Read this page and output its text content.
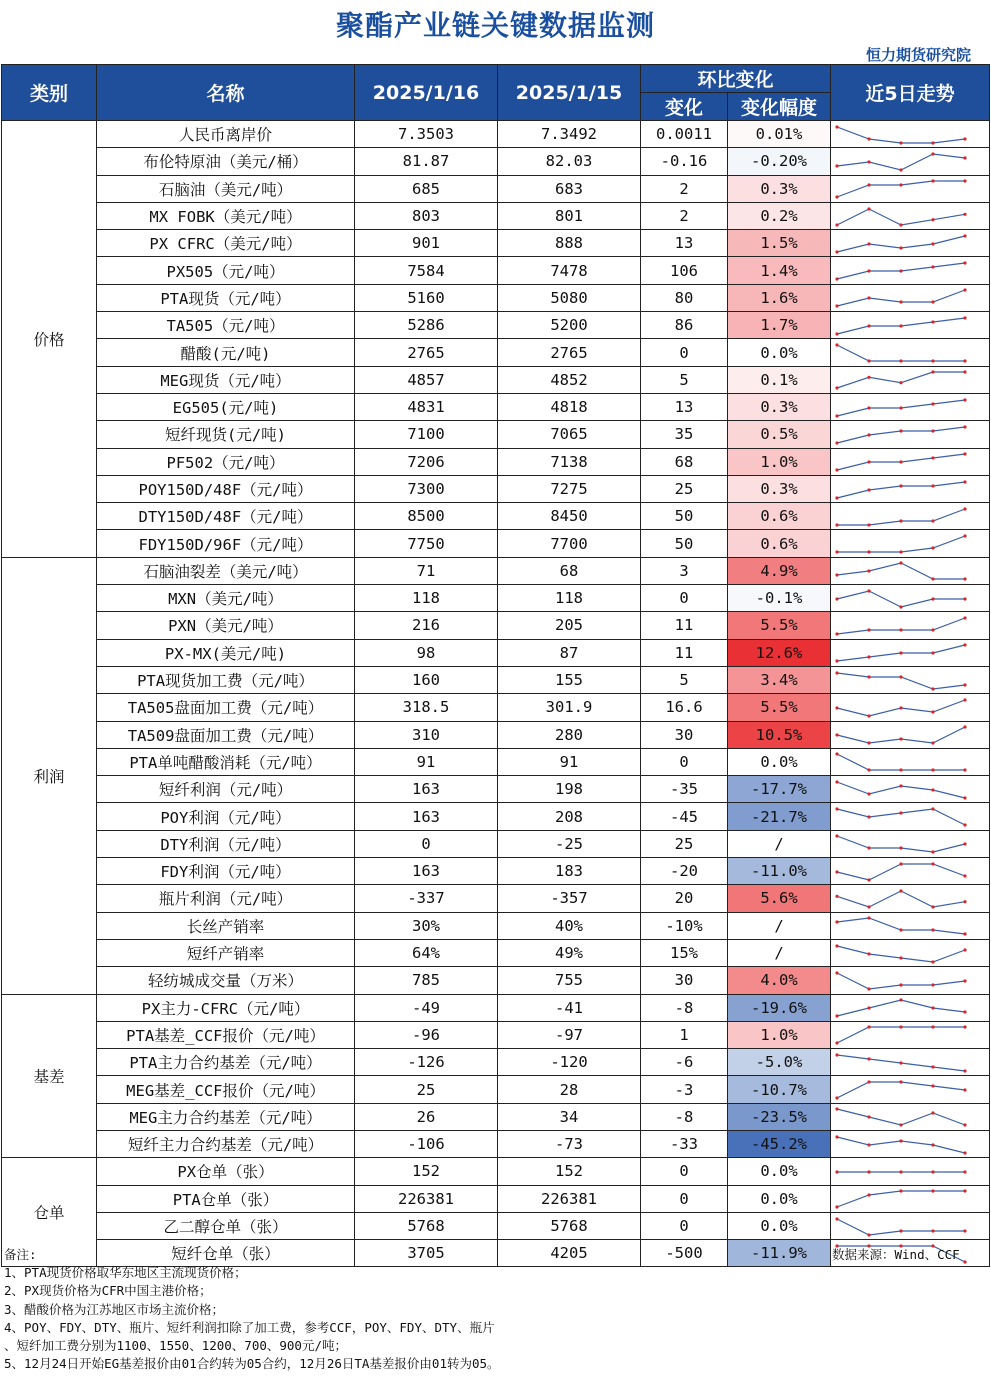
聚酯产业链关键数据监测
恒力期货研究院
类别	名称	2025/1/16	2025/1/15	环比变化		近5日走势
				变化	变化幅度	
价格	人民币离岸价	7.3503	7.3492	0.0011	0.01%	

	布伦特原油（美元/桶）	81.87	82.03	-0.16	-0.20%	

	石脑油（美元/吨）	685	683	2	0.3%	

	MX FOBK（美元/吨）	803	801	2	0.2%	

	PX CFRC（美元/吨）	901	888	13	1.5%	

	PX505（元/吨）	7584	7478	106	1.4%	

	PTA现货（元/吨）	5160	5080	80	1.6%	

	TA505（元/吨）	5286	5200	86	1.7%	

	醋酸(元/吨)	2765	2765	0	0.0%	

	MEG现货（元/吨）	4857	4852	5	0.1%	

	EG505(元/吨)	4831	4818	13	0.3%	

	短纤现货(元/吨)	7100	7065	35	0.5%	

	PF502（元/吨）	7206	7138	68	1.0%	

	POY150D/48F（元/吨）	7300	7275	25	0.3%	

	DTY150D/48F（元/吨）	8500	8450	50	0.6%	

	FDY150D/96F（元/吨）	7750	7700	50	0.6%	

利润	石脑油裂差（美元/吨）	71	68	3	4.9%	

	MXN（美元/吨）	118	118	0	-0.1%	

	PXN（美元/吨）	216	205	11	5.5%	

	PX-MX(美元/吨)	98	87	11	12.6%	

	PTA现货加工费（元/吨）	160	155	5	3.4%	

	TA505盘面加工费（元/吨）	318.5	301.9	16.6	5.5%	

	TA509盘面加工费（元/吨）	310	280	30	10.5%	

	PTA单吨醋酸消耗（元/吨）	91	91	0	0.0%	

	短纤利润（元/吨）	163	198	-35	-17.7%	

	POY利润（元/吨）	163	208	-45	-21.7%	

	DTY利润（元/吨）	0	-25	25	/	

	FDY利润（元/吨）	163	183	-20	-11.0%	

	瓶片利润（元/吨）	-337	-357	20	5.6%	

	长丝产销率	30%	40%	-10%	/	

	短纤产销率	64%	49%	15%	/	

	轻纺城成交量（万米）	785	755	30	4.0%	

基差	PX主力-CFRC（元/吨）	-49	-41	-8	-19.6%	

	PTA基差_CCF报价（元/吨）	-96	-97	1	1.0%	

	PTA主力合约基差（元/吨）	-126	-120	-6	-5.0%	

	MEG基差_CCF报价（元/吨）	25	28	-3	-10.7%	

	MEG主力合约基差（元/吨）	26	34	-8	-23.5%	

	短纤主力合约基差（元/吨）	-106	-73	-33	-45.2%	

仓单	PX仓单（张）	152	152	0	0.0%	

	PTA仓单（张）	226381	226381	0	0.0%	

	乙二醇仓单（张）	5768	5768	0	0.0%	

	短纤仓单（张）	3705	4205	-500	-11.9%	
备注:
1、PTA现货价格取华东地区主流现货价格；
2、PX现货价格为CFR中国主港价格；
3、醋酸价格为江苏地区市场主流价格；
4、POY、FDY、DTY、瓶片、短纤利润扣除了加工费，参考CCF，POY、FDY、DTY、瓶片
、短纤加工费分别为1100、1550、1200、700、900元/吨；
5、12月24日开始EG基差报价由01合约转为05合约，12月26日TA基差报价由01转为05。
数据来源：Wind、CCF
